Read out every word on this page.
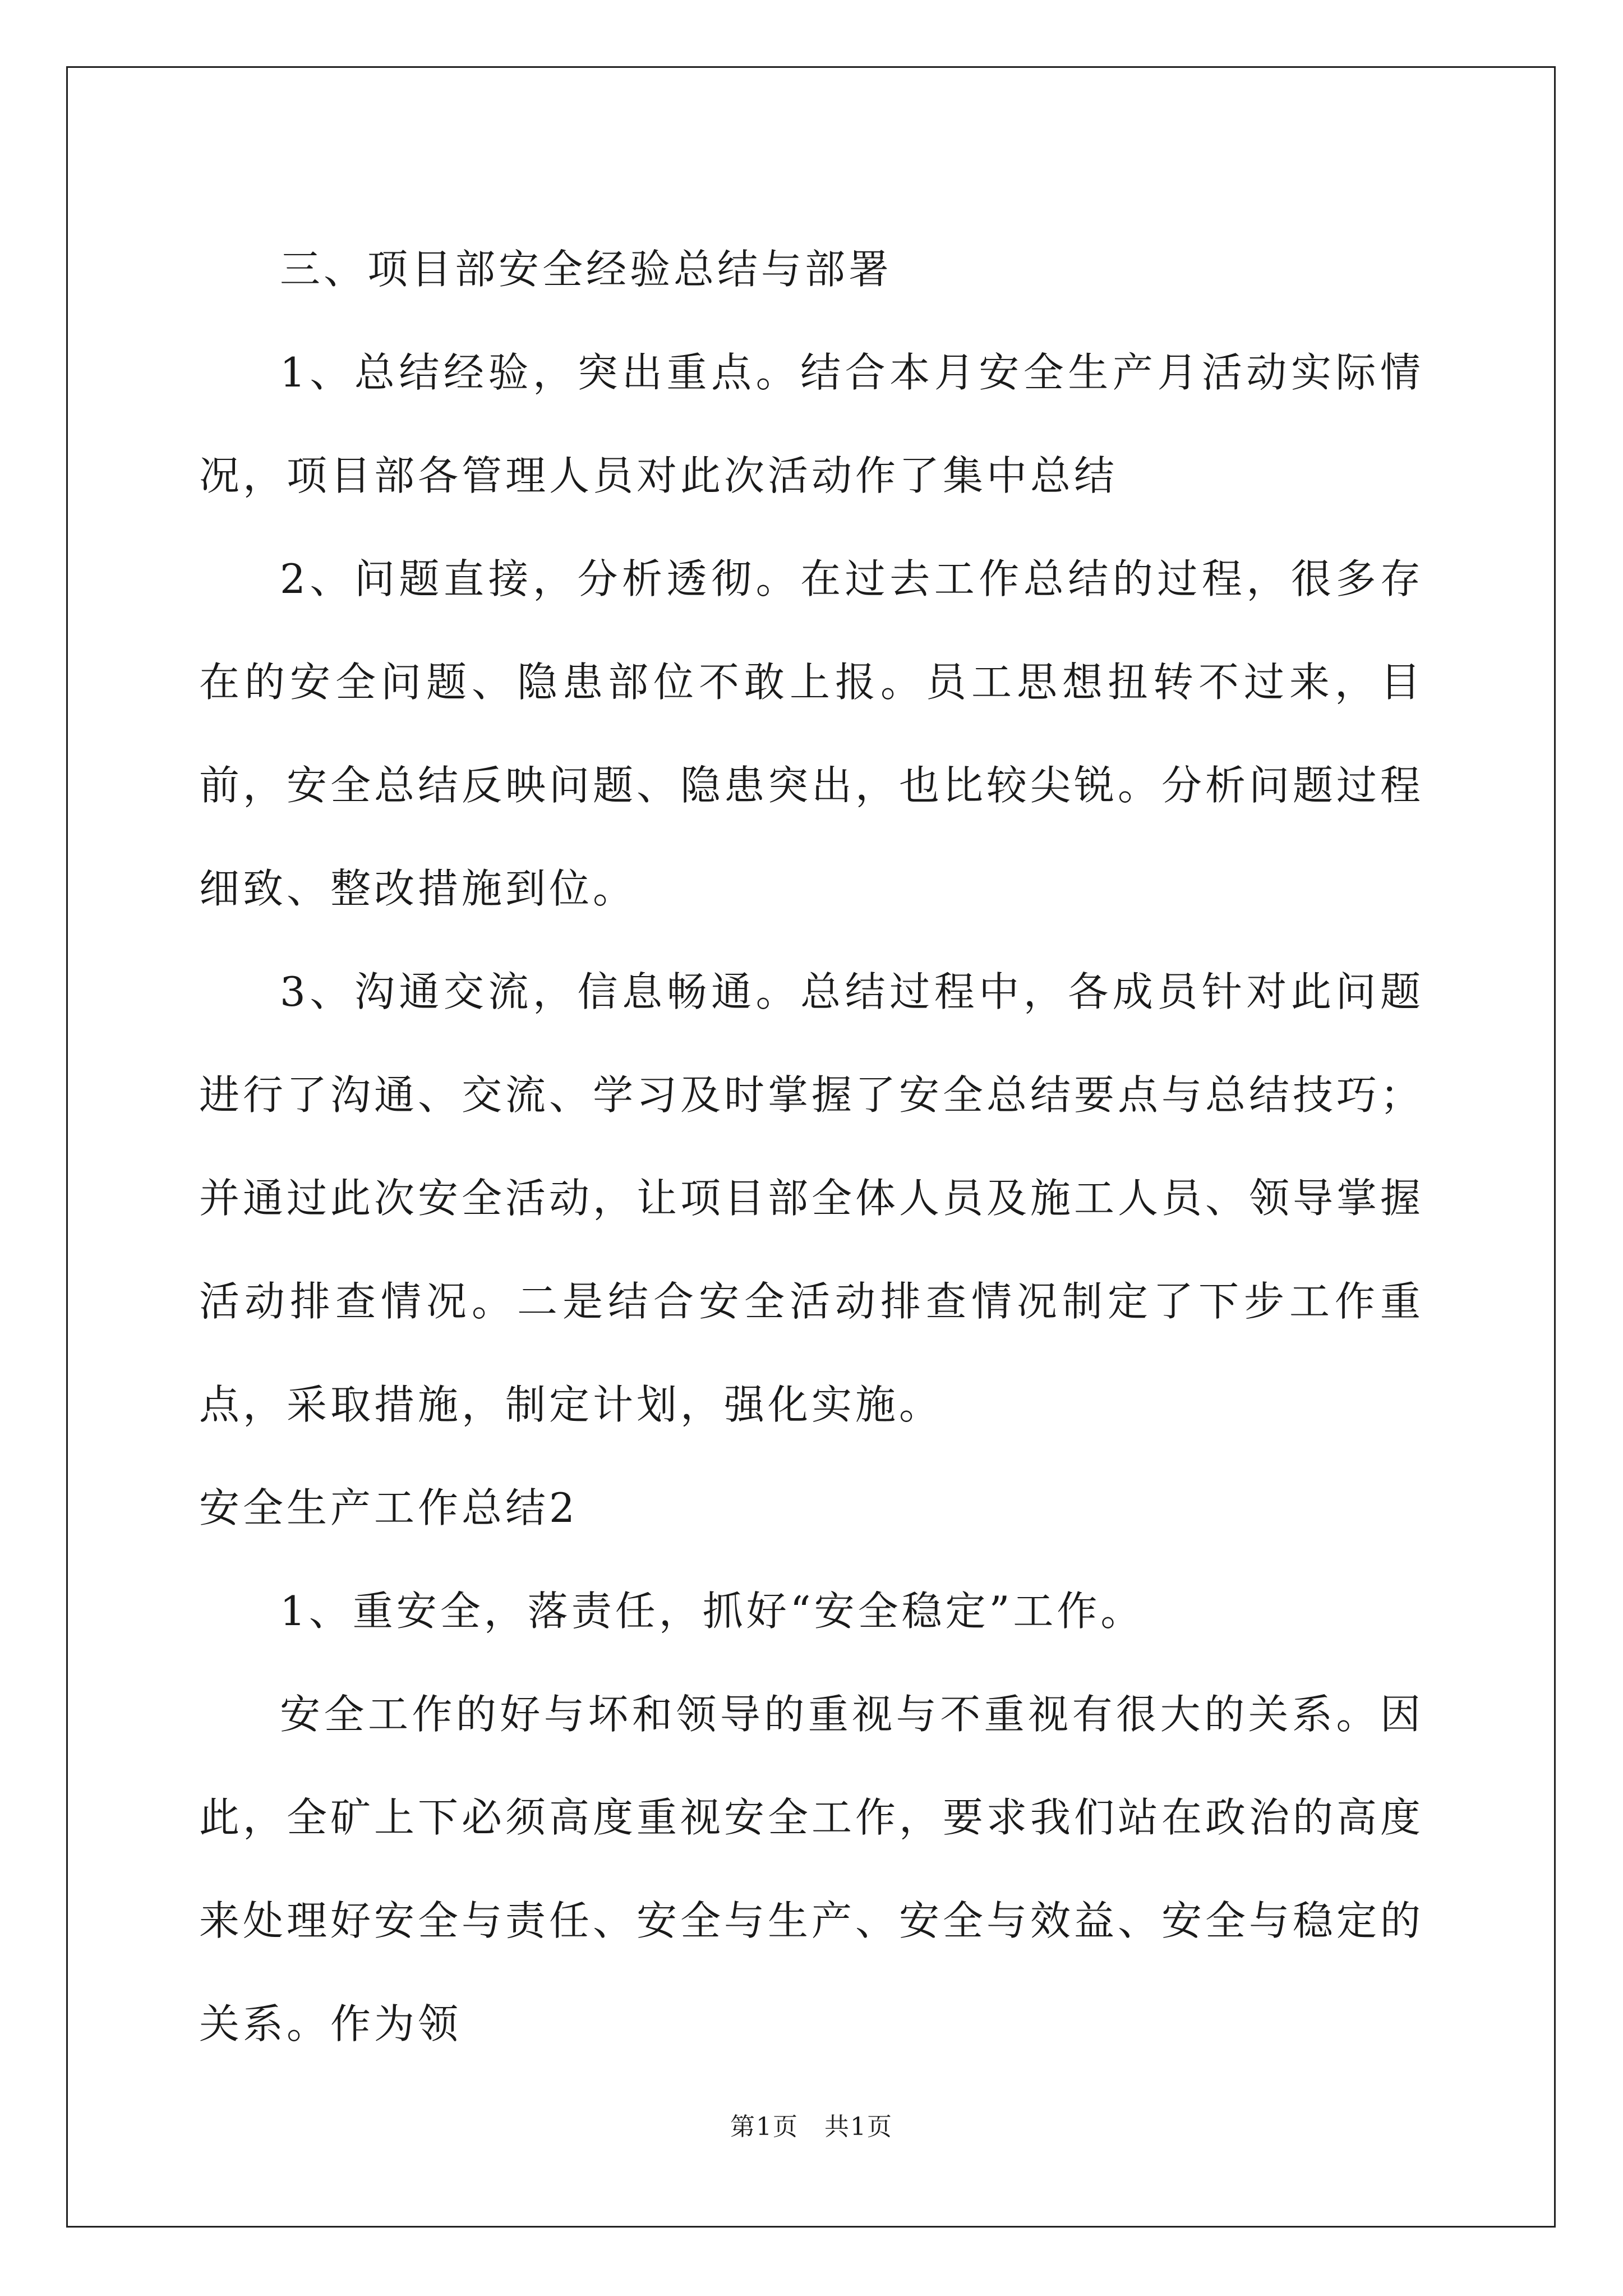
三、项目部安全经验总结与部署

1、总结经验，突出重点。结合本月安全生产月活动实际情况，项目部各管理人员对此次活动作了集中总结

2、问题直接，分析透彻。在过去工作总结的过程，很多存在的安全问题、隐患部位不敢上报。员工思想扭转不过来，目前，安全总结反映问题、隐患突出，也比较尖锐。分析问题过程细致、整改措施到位。

3、沟通交流，信息畅通。总结过程中，各成员针对此问题进行了沟通、交流、学习及时掌握了安全总结要点与总结技巧；并通过此次安全活动，让项目部全体人员及施工人员、领导掌握活动排查情况。二是结合安全活动排查情况制定了下步工作重点，采取措施，制定计划，强化实施。

安全生产工作总结2

1、重安全，落责任，抓好“安全稳定”工作。

安全工作的好与坏和领导的重视与不重视有很大的关系。因此，全矿上下必须高度重视安全工作，要求我们站在政治的高度来处理好安全与责任、安全与生产、安全与效益、安全与稳定的关系。作为领

第1页　共1页
